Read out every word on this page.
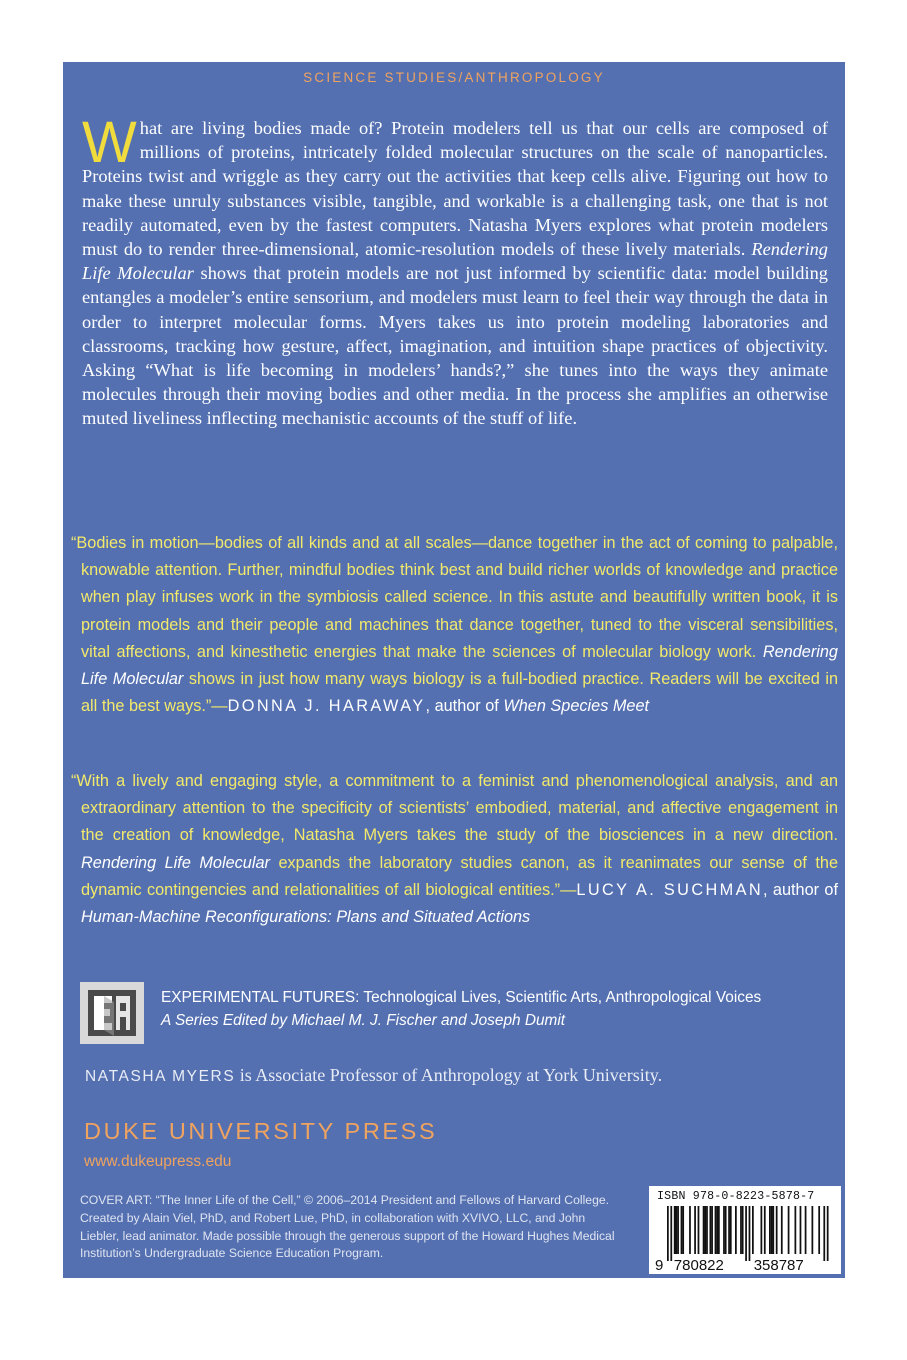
SCIENCE STUDIES/ANTHROPOLOGY

What are living bodies made of? Protein modelers tell us that our cells are composed of millions of proteins, intricately folded molecular structures on the scale of nanoparticles. Proteins twist and wriggle as they carry out the activities that keep cells alive. Figuring out how to make these unruly substances visible, tangible, and workable is a challenging task, one that is not readily automated, even by the fastest computers. Natasha Myers explores what protein modelers must do to render three-dimensional, atomic-resolution models of these lively materials. Rendering Life Molecular shows that protein models are not just informed by scientific data: model building entangles a modeler’s entire sensorium, and modelers must learn to feel their way through the data in order to interpret molecular forms. Myers takes us into protein modeling laboratories and classrooms, tracking how gesture, affect, imagination, and intuition shape practices of objectivity. Asking “What is life becoming in modelers’ hands?,” she tunes into the ways they animate molecules through their moving bodies and other media. In the process she amplifies an otherwise muted liveliness inflecting mechanistic accounts of the stuff of life.

“Bodies in motion—bodies of all kinds and at all scales—dance together in the act of coming to palpable, knowable attention. Further, mindful bodies think best and build richer worlds of knowledge and practice when play infuses work in the symbiosis called science. In this astute and beautifully written book, it is protein models and their people and machines that dance together, tuned to the visceral sensibilities, vital affections, and kinesthetic energies that make the sciences of molecular biology work. Rendering Life Molecular shows in just how many ways biology is a full-bodied practice. Readers will be excited in all the best ways.”—DONNA J. HARAWAY, author of When Species Meet

“With a lively and engaging style, a commitment to a feminist and phenomenological analysis, and an extraordinary attention to the specificity of scientists’ embodied, material, and affective engagement in the creation of knowledge, Natasha Myers takes the study of the biosciences in a new direction. Rendering Life Molecular expands the laboratory studies canon, as it reanimates our sense of the dynamic contingencies and relationalities of all biological entities.”—LUCY A. SUCHMAN, author of Human-Machine Reconfigurations: Plans and Situated Actions

EXPERIMENTAL FUTURES: Technological Lives, Scientific Arts, Anthropological Voices
A Series Edited by Michael M. J. Fischer and Joseph Dumit

NATASHA MYERS is Associate Professor of Anthropology at York University.

DUKE UNIVERSITY PRESS
www.dukeupress.edu

COVER ART: “The Inner Life of the Cell,” © 2006–2014 President and Fellows of Harvard College. Created by Alain Viel, PhD, and Robert Lue, PhD, in collaboration with XVIVO, LLC, and John Liebler, lead animator. Made possible through the generous support of the Howard Hughes Medical Institution’s Undergraduate Science Education Program.

ISBN 978-0-8223-5878-7
9 780822 358787
